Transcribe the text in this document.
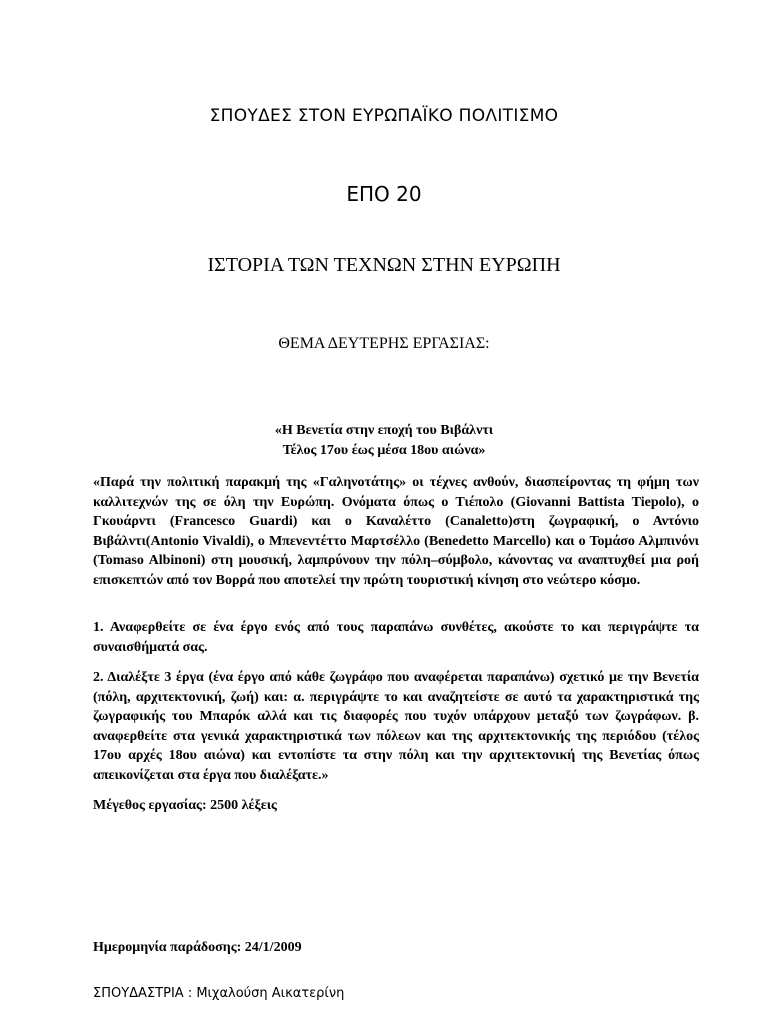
ΣΠΟΥΔΕΣ ΣΤΟΝ ΕΥΡΩΠΑΪΚΟ ΠΟΛΙΤΙΣΜΟ
ΕΠΟ 20
ΙΣΤΟΡΙΑ ΤΩΝ ΤΕΧΝΩΝ ΣΤΗΝ ΕΥΡΩΠΗ
ΘΕΜΑ ΔΕΥΤΕΡΗΣ ΕΡΓΑΣΙΑΣ:
«Η Βενετία στην εποχή του Βιβάλντι
Τέλος 17ου έως μέσα 18ου αιώνα»

«Παρά την πολιτική παρακμή της «Γαληνοτάτης» οι τέχνες ανθούν, διασπείροντας τη φήμη των καλλιτεχνών της σε όλη την Ευρώπη. Ονόματα όπως ο Τιέπολο (Giovanni Battista Tiepolo), ο Γκουάρντι (Francesco Guardi) και ο Καναλέττο (Canaletto)στη ζωγραφική, ο Αντόνιο Βιβάλντι(Antonio Vivaldi), ο Μπενεντέττο Μαρτσέλλο (Benedetto Marcello) και ο Τομάσο Αλμπινόνι (Tomaso Albinoni) στη μουσική, λαμπρύνουν την πόλη–σύμβολο, κάνοντας να αναπτυχθεί μια ροή επισκεπτών από τον Βορρά που αποτελεί την πρώτη τουριστική κίνηση στο νεώτερο κόσμο.

1. Αναφερθείτε σε ένα έργο ενός από τους παραπάνω συνθέτες, ακούστε το και περιγράψτε τα συναισθήματά σας.

2. Διαλέξτε 3 έργα (ένα έργο από κάθε ζωγράφο που αναφέρεται παραπάνω) σχετικό με την Βενετία (πόλη, αρχιτεκτονική, ζωή) και: α. περιγράψτε το και αναζητείστε σε αυτό τα χαρακτηριστικά της ζωγραφικής του Μπαρόκ αλλά και τις διαφορές που τυχόν υπάρχουν μεταξύ των ζωγράφων. β. αναφερθείτε στα γενικά χαρακτηριστικά των πόλεων και της αρχιτεκτονικής της περιόδου (τέλος 17ου αρχές 18ου αιώνα) και εντοπίστε τα στην πόλη και την αρχιτεκτονική της Βενετίας όπως απεικονίζεται στα έργα που διαλέξατε.»

Μέγεθος εργασίας: 2500 λέξεις

Ημερομηνία παράδοσης: 24/1/2009

ΣΠΟΥΔΑΣΤΡΙΑ : Μιχαλούση Αικατερίνη
